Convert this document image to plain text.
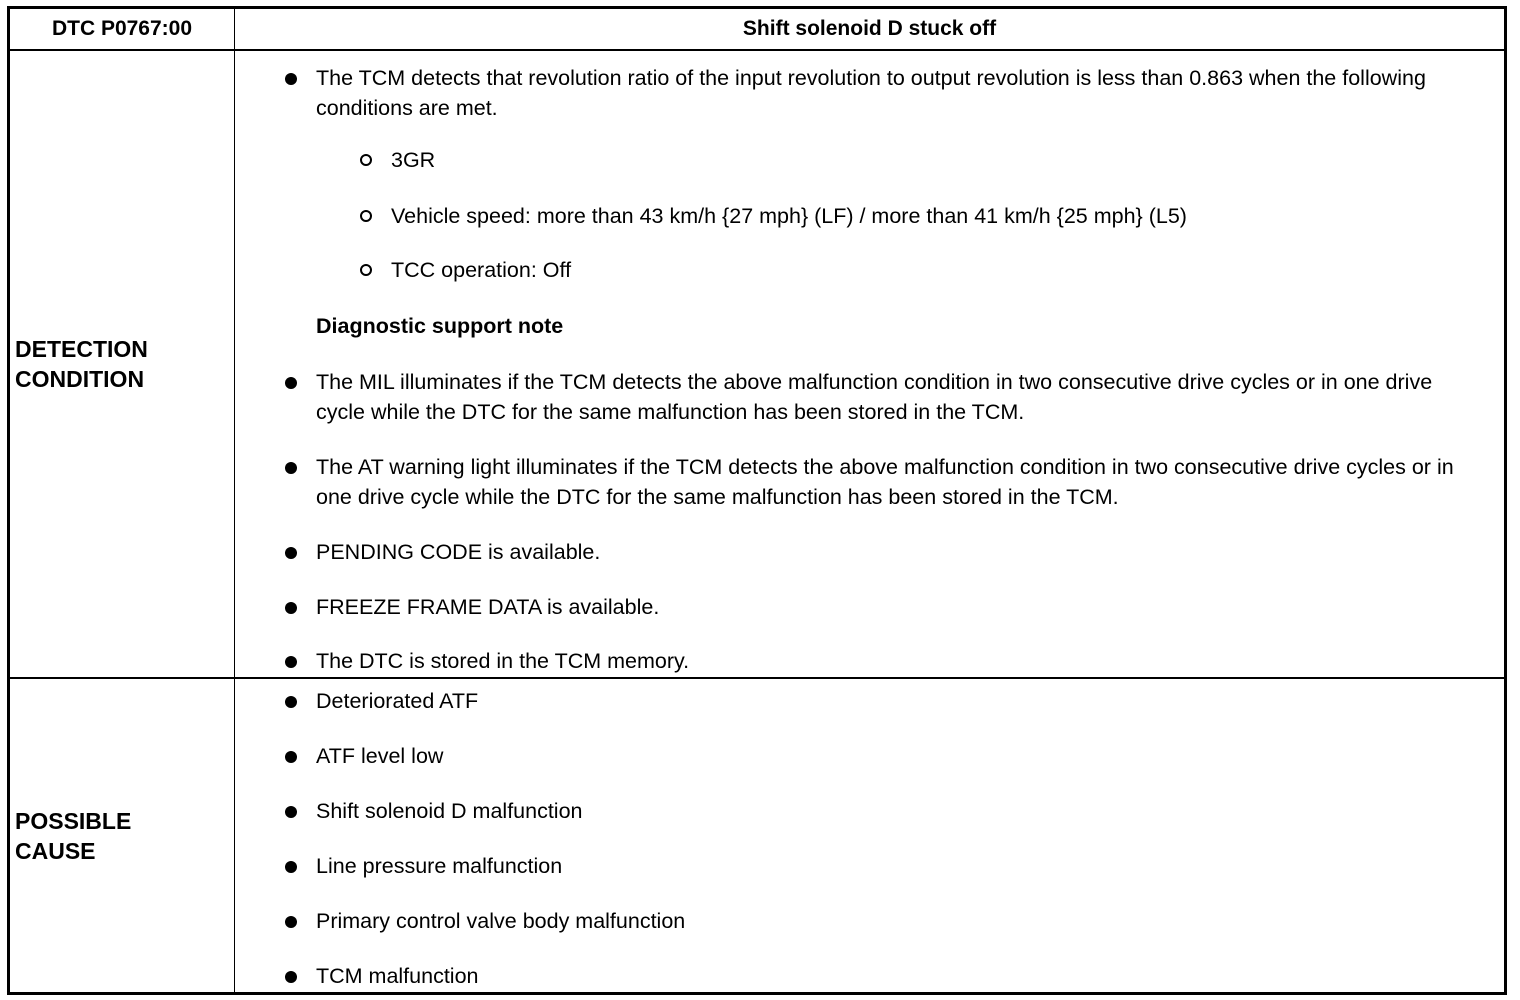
DTC P0767:00	Shift solenoid D stuck off
DETECTION
CONDITION
The TCM detects that revolution ratio of the input revolution to output revolution is less than 0.863 when the following conditions are met.
3GR
Vehicle speed: more than 43 km/h {27 mph} (LF) / more than 41 km/h {25 mph} (L5)
TCC operation: Off
Diagnostic support note
The MIL illuminates if the TCM detects the above malfunction condition in two consecutive drive cycles or in one drive cycle while the DTC for the same malfunction has been stored in the TCM.
The AT warning light illuminates if the TCM detects the above malfunction condition in two consecutive drive cycles or in one drive cycle while the DTC for the same malfunction has been stored in the TCM.
PENDING CODE is available.
FREEZE FRAME DATA is available.
The DTC is stored in the TCM memory.
POSSIBLE
CAUSE
Deteriorated ATF
ATF level low
Shift solenoid D malfunction
Line pressure malfunction
Primary control valve body malfunction
TCM malfunction
